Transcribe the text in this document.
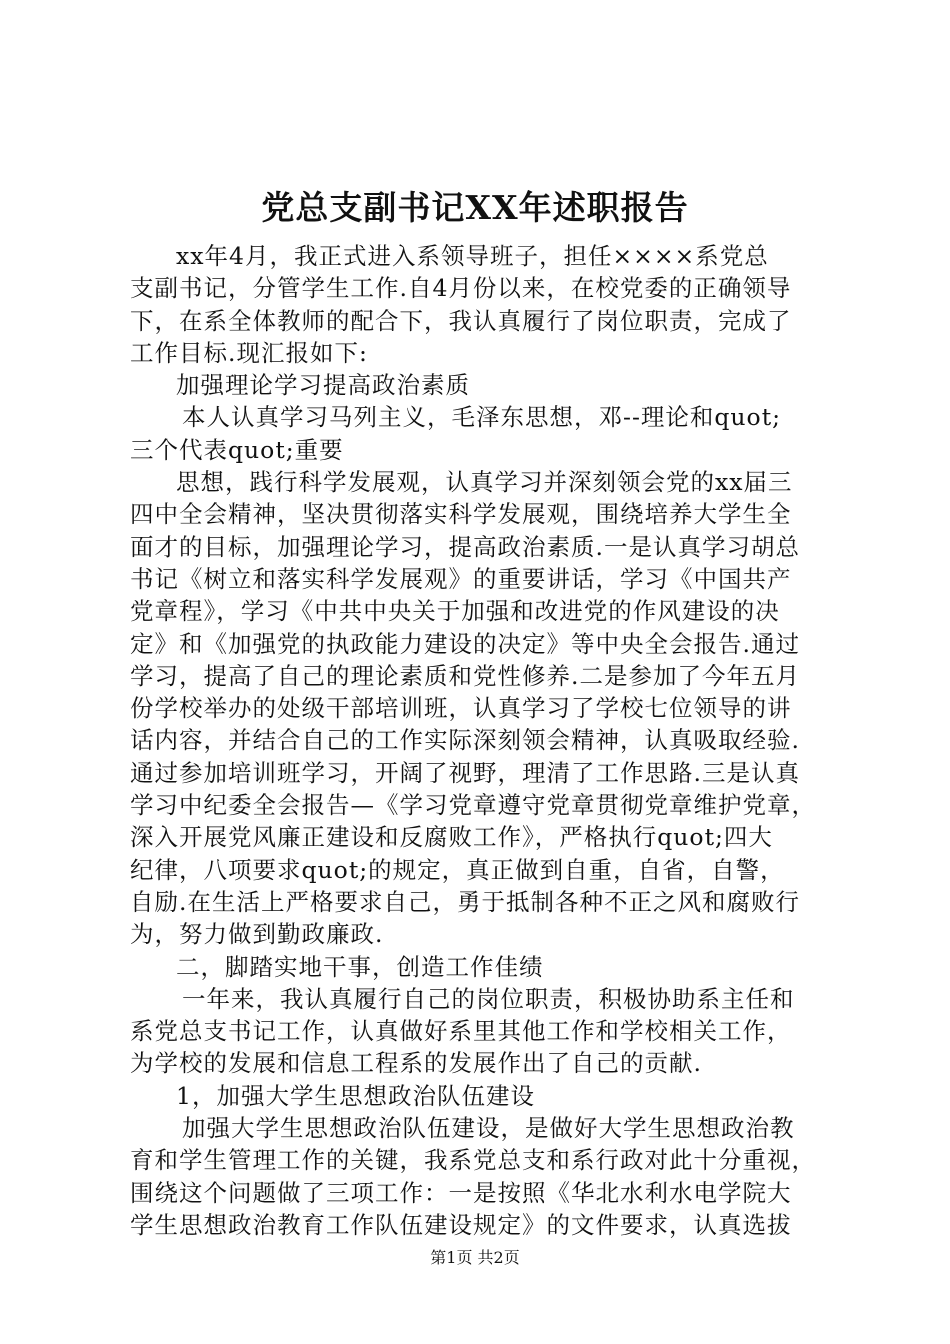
党总支副书记XX年述职报告
xx年4月，我正式进入系领导班子，担任××××系党总
支副书记，分管学生工作.自4月份以来，在校党委的正确领导
下，在系全体教师的配合下，我认真履行了岗位职责，完成了
工作目标.现汇报如下:
加强理论学习提高政治素质
本人认真学习马列主义，毛泽东思想，邓--理论和quot;
三个代表quot;重要
思想，践行科学发展观，认真学习并深刻领会党的xx届三
四中全会精神，坚决贯彻落实科学发展观，围绕培养大学生全
面才的目标，加强理论学习，提高政治素质.一是认真学习胡总
书记《树立和落实科学发展观》的重要讲话，学习《中国共产
党章程》，学习《中共中央关于加强和改进党的作风建设的决
定》和《加强党的执政能力建设的决定》等中央全会报告.通过
学习，提高了自己的理论素质和党性修养.二是参加了今年五月
份学校举办的处级干部培训班，认真学习了学校七位领导的讲
话内容，并结合自己的工作实际深刻领会精神，认真吸取经验.
通过参加培训班学习，开阔了视野，理清了工作思路.三是认真
学习中纪委全会报告—《学习党章遵守党章贯彻党章维护党章，
深入开展党风廉正建设和反腐败工作》，严格执行quot;四大
纪律，八项要求quot;的规定，真正做到自重，自省，自警，
自励.在生活上严格要求自己，勇于抵制各种不正之风和腐败行
为，努力做到勤政廉政.
二，脚踏实地干事，创造工作佳绩
一年来，我认真履行自己的岗位职责，积极协助系主任和
系党总支书记工作，认真做好系里其他工作和学校相关工作，
为学校的发展和信息工程系的发展作出了自己的贡献.
1，加强大学生思想政治队伍建设
加强大学生思想政治队伍建设，是做好大学生思想政治教
育和学生管理工作的关键，我系党总支和系行政对此十分重视，
围绕这个问题做了三项工作：一是按照《华北水利水电学院大
学生思想政治教育工作队伍建设规定》的文件要求，认真选拔
第1页 共2页
